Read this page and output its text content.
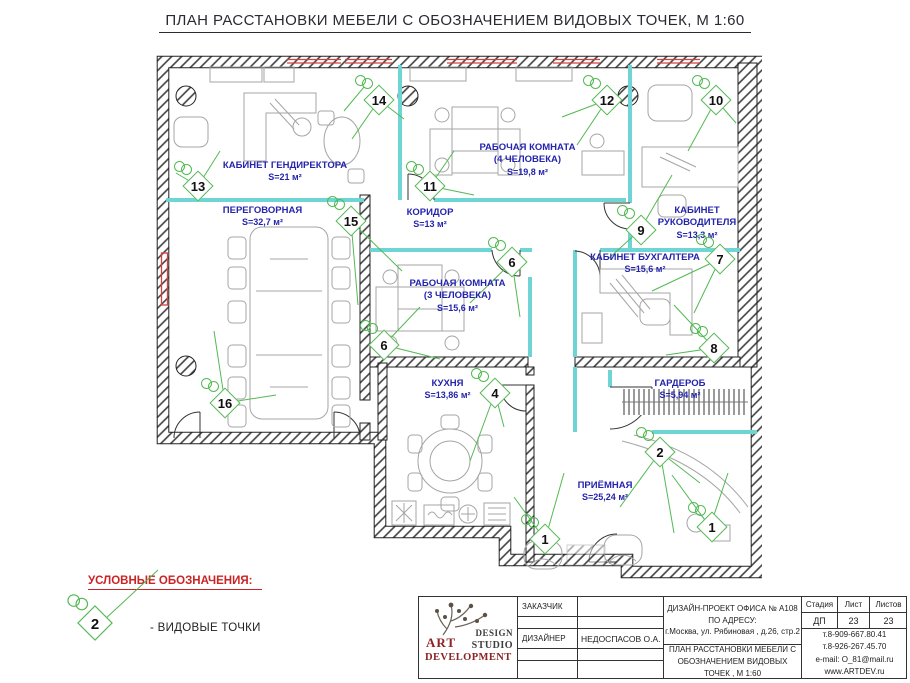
ПЛАН РАССТАНОВКИ МЕБЕЛИ С ОБОЗНАЧЕНИЕМ ВИДОВЫХ ТОЧЕК, М 1:60
КАБИНЕТ ГЕНДИРЕКТОРА
S=21 м²
РАБОЧАЯ КОМНАТА
(4 ЧЕЛОВЕКА)
S=19,8 м²
КАБИНЕТ РУКОВОДИТЕЛЯ
S=13,3 м²
ПЕРЕГОВОРНАЯ
S=32,7 м²
КОРИДОР
S=13 м²
РАБОЧАЯ КОМНАТА
(3 ЧЕЛОВЕКА)
S=15,6 м²
КАБИНЕТ БУХГАЛТЕРА
S=15,6 м²
КУХНЯ
S=13,86 м²
ГАРДЕРОБ
S=5,94 м²
ПРИЁМНАЯ
S=25,24 м²
13
14
11
12	10
9
15
6
6
7
8
16
4
2
1
1
УСЛОВНЫЕ ОБОЗНАЧЕНИЯ:
2	- ВИДОВЫЕ ТОЧКИ	DESIGN
ART STUDIO
DEVELOPMENT
ЗАКАЗЧИК
ДИЗАЙНЕР	НЕДОСПАСОВ О.А.
ДИЗАЙН-ПРОЕКТ ОФИСА № А108
ПО АДРЕСУ:
г.Москва, ул. Рябиновая , д.26, стр.2
ПЛАН РАССТАНОВКИ МЕБЕЛИ С
ОБОЗНАЧЕНИЕМ ВИДОВЫХ ТОЧЕК , М 1:60
Стадия	Лист	Листов
ДП	23	23
т.8-909-667.80.41
т.8-926-267.45.70
e-mail: O_81@mail.ru
www.ARTDEV.ru
